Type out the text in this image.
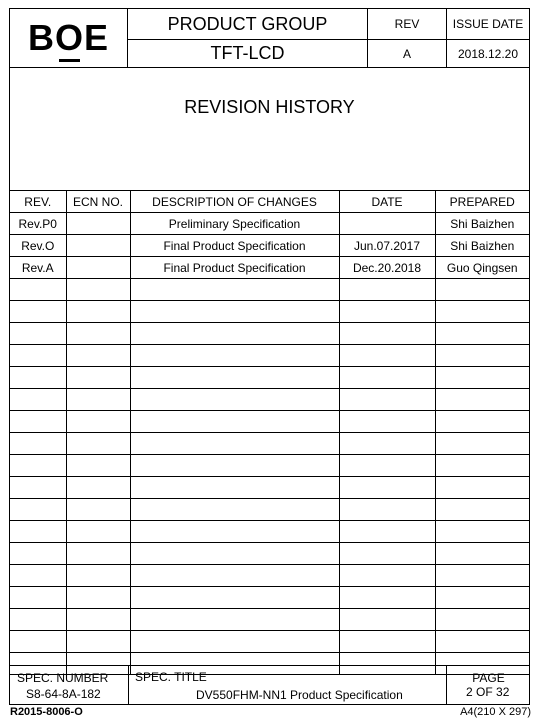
BOE	PRODUCT GROUP
TFT-LCD
REV
A
ISSUE DATE
2018.12.20
REVISION HISTORY
REV.	ECN NO.	DESCRIPTION OF CHANGES	DATE	PREPARED
Rev.P0		Preliminary Specification		Shi Baizhen
Rev.O		Final Product Specification	Jun.07.2017	Shi Baizhen
Rev.A		Final Product Specification	Dec.20.2018	Guo Qingsen

SPEC. NUMBER
S8-64-8A-182
SPEC. TITLE
DV550FHM-NN1 Product Specification
PAGE
2 OF 32
R2015-8006-O	A4(210 X 297)
